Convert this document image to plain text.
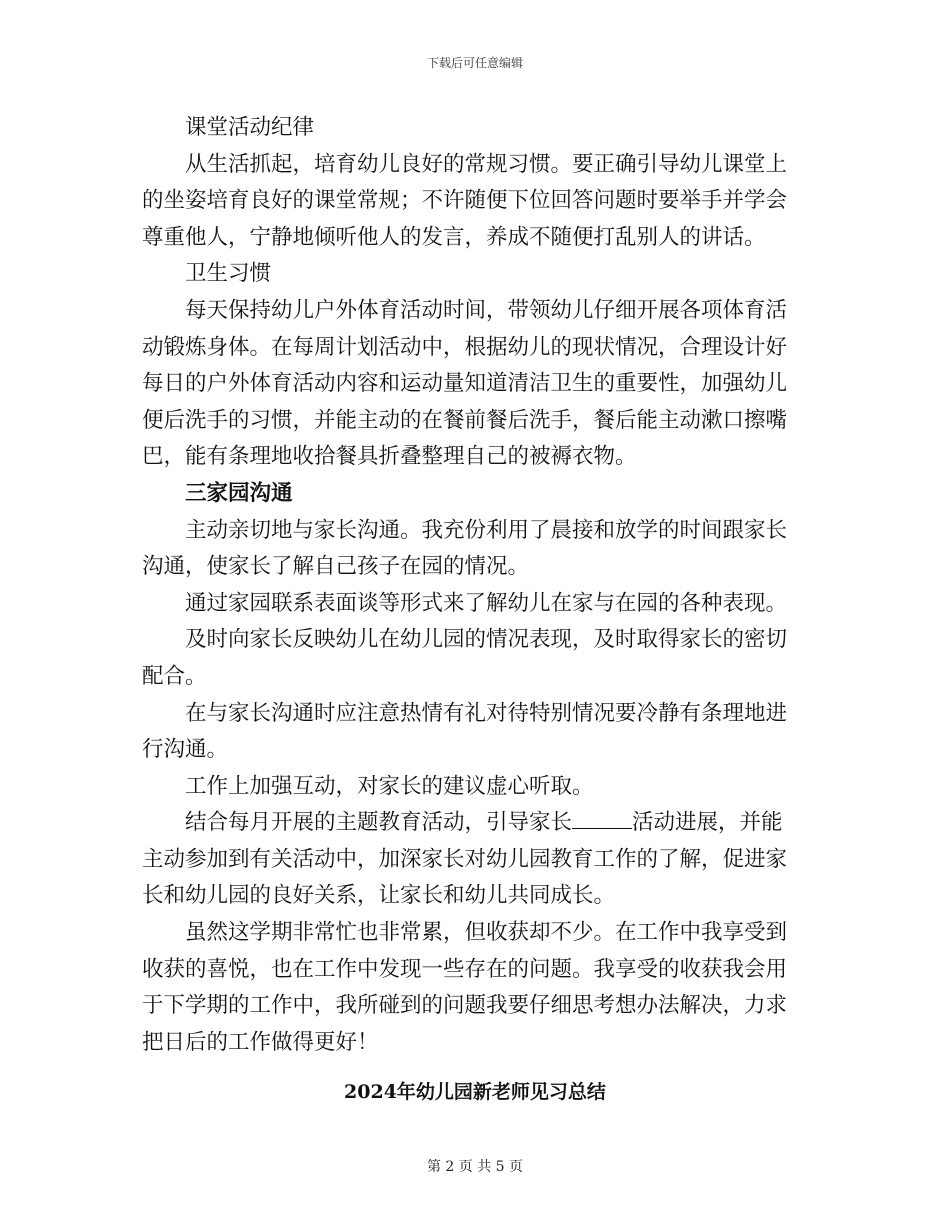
下载后可任意编辑

课堂活动纪律

从生活抓起，培育幼儿良好的常规习惯。要正确引导幼儿课堂上的坐姿培育良好的课堂常规；不许随便下位回答问题时要举手并学会尊重他人，宁静地倾听他人的发言，养成不随便打乱别人的讲话。

卫生习惯

每天保持幼儿户外体育活动时间，带领幼儿仔细开展各项体育活动锻炼身体。在每周计划活动中，根据幼儿的现状情况，合理设计好每日的户外体育活动内容和运动量知道清洁卫生的重要性，加强幼儿便后洗手的习惯，并能主动的在餐前餐后洗手，餐后能主动漱口擦嘴巴，能有条理地收拾餐具折叠整理自己的被褥衣物。

三家园沟通

主动亲切地与家长沟通。我充份利用了晨接和放学的时间跟家长沟通，使家长了解自己孩子在园的情况。

通过家园联系表面谈等形式来了解幼儿在家与在园的各种表现。

及时向家长反映幼儿在幼儿园的情况表现，及时取得家长的密切配合。

在与家长沟通时应注意热情有礼对待特别情况要冷静有条理地进行沟通。

工作上加强互动，对家长的建议虚心听取。

结合每月开展的主题教育活动，引导家长	活动进展，并能主动参加到有关活动中，加深家长对幼儿园教育工作的了解，促进家长和幼儿园的良好关系，让家长和幼儿共同成长。

虽然这学期非常忙也非常累，但收获却不少。在工作中我享受到收获的喜悦，也在工作中发现一些存在的问题。我享受的收获我会用于下学期的工作中，我所碰到的问题我要仔细思考想办法解决，力求把日后的工作做得更好！

2024年幼儿园新老师见习总结
第 2 页 共 5 页
